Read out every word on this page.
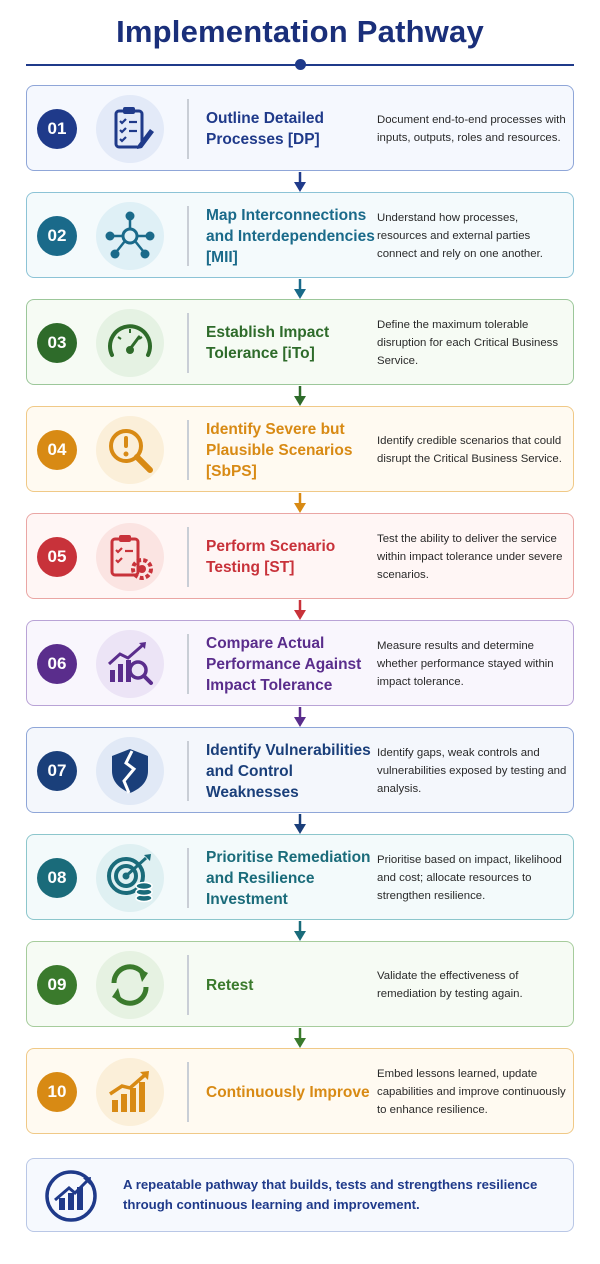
Implementation Pathway
01
Outline Detailed Processes [DP]
Document end-to-end processes with inputs, outputs, roles and resources.
02
Map Interconnections and Interdependencies [MII]
Understand how processes, resources and external parties connect and rely on one another.
03
Establish Impact Tolerance [iTo]
Define the maximum tolerable disruption for each Critical Business Service.
04
Identify Severe but Plausible Scenarios [SbPS]
Identify credible scenarios that could disrupt the Critical Business Service.
05
Perform Scenario Testing [ST]
Test the ability to deliver the service within impact tolerance under severe scenarios.
06
Compare Actual Performance Against Impact Tolerance
Measure results and determine whether performance stayed within impact tolerance.
07
Identify Vulnerabilities and Control Weaknesses
Identify gaps, weak controls and vulnerabilities exposed by testing and analysis.
08
Prioritise Remediation and Resilience Investment
Prioritise based on impact, likelihood and cost; allocate resources to strengthen resilience.
09	Retest
Validate the effectiveness of remediation by testing again.
10	Continuously Improve
Embed lessons learned, update capabilities and improve continuously to enhance resilience.
A repeatable pathway that builds, tests and strengthens resilience through continuous learning and improvement.
